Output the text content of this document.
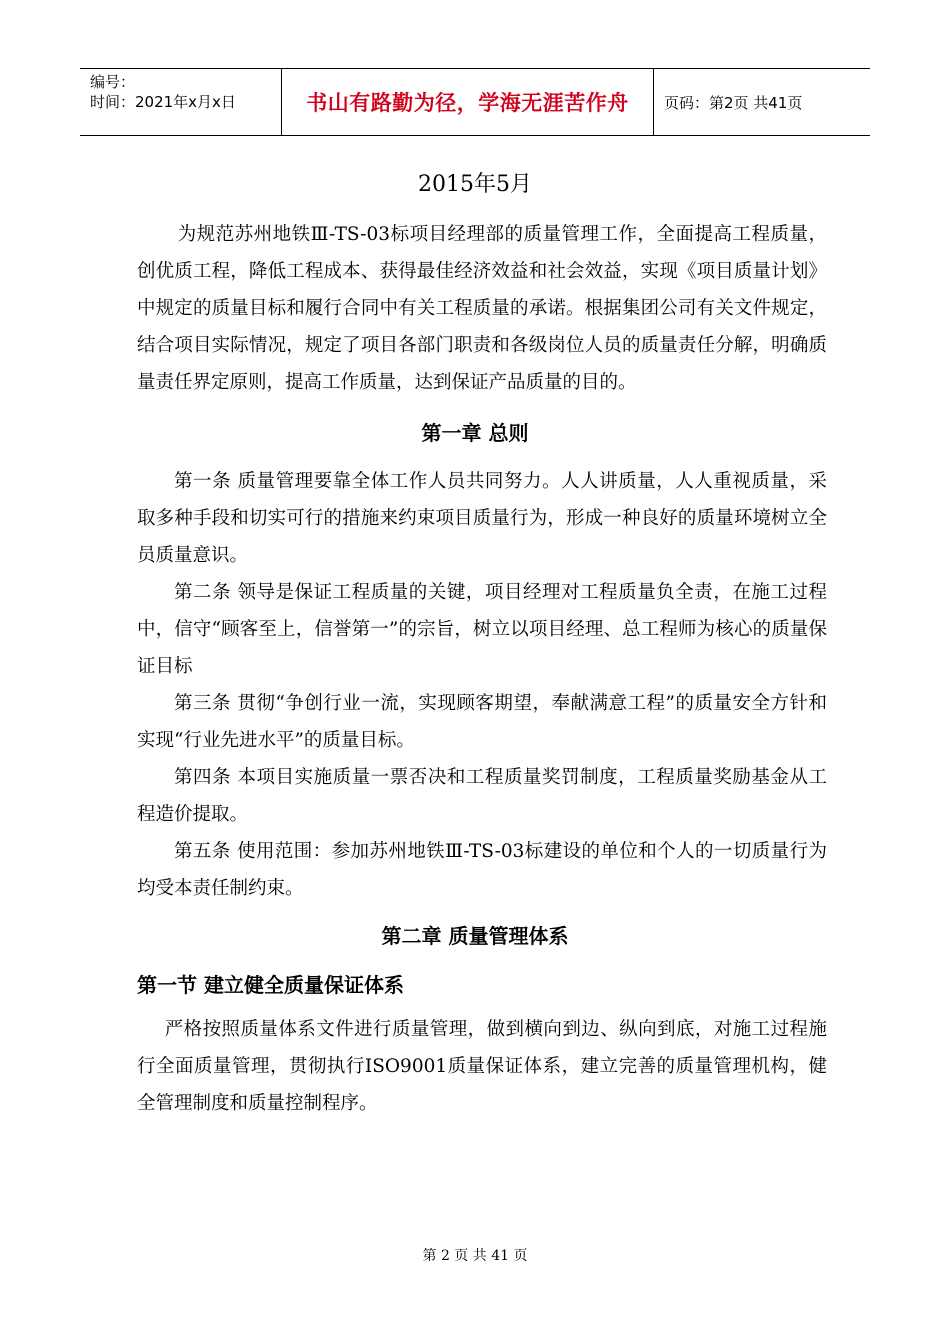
编号：
时间：2021年x月x日	书山有路勤为径，学海无涯苦作舟	页码：第2页 共41页
2015年5月

为规范苏州地铁Ⅲ-TS-03标项目经理部的质量管理工作，全面提高工程质量，创优质工程，降低工程成本、获得最佳经济效益和社会效益，实现《项目质量计划》中规定的质量目标和履行合同中有关工程质量的承诺。根据集团公司有关文件规定，结合项目实际情况，规定了项目各部门职责和各级岗位人员的质量责任分解，明确质量责任界定原则，提高工作质量，达到保证产品质量的目的。

第一章 总则

第一条 质量管理要靠全体工作人员共同努力。人人讲质量，人人重视质量，采取多种手段和切实可行的措施来约束项目质量行为，形成一种良好的质量环境树立全员质量意识。

第二条 领导是保证工程质量的关键，项目经理对工程质量负全责，在施工过程中，信守“顾客至上，信誉第一”的宗旨，树立以项目经理、总工程师为核心的质量保证目标

第三条 贯彻“争创行业一流，实现顾客期望，奉献满意工程”的质量安全方针和实现“行业先进水平”的质量目标。

第四条 本项目实施质量一票否决和工程质量奖罚制度，工程质量奖励基金从工程造价提取。

第五条 使用范围：参加苏州地铁Ⅲ-TS-03标建设的单位和个人的一切质量行为均受本责任制约束。

第二章 质量管理体系
第一节 建立健全质量保证体系

严格按照质量体系文件进行质量管理，做到横向到边、纵向到底，对施工过程施行全面质量管理，贯彻执行ISO9001质量保证体系，建立完善的质量管理机构，健全管理制度和质量控制程序。

第 2 页 共 41 页
